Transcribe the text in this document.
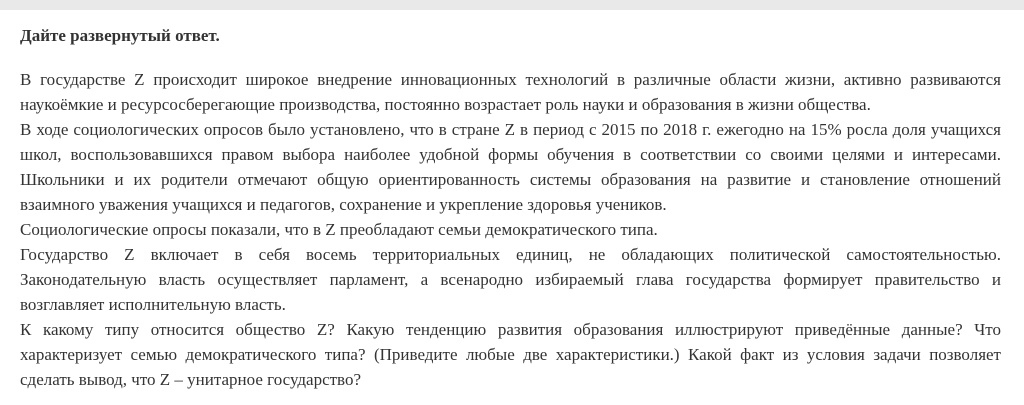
Дайте развернутый ответ.

В государстве Z происходит широкое внедрение инновационных технологий в различные области жизни, активно развиваются наукоёмкие и ресурсосберегающие производства, постоянно возрастает роль науки и образования в жизни общества.

В ходе социологических опросов было установлено, что в стране Z в период с 2015 по 2018 г. ежегодно на 15% росла доля учащихся школ, воспользовавшихся правом выбора наиболее удобной формы обучения в соответствии со своими целями и интересами. Школьники и их родители отмечают общую ориентированность системы образования на развитие и становление отношений взаимного уважения учащихся и педагогов, сохранение и укрепление здоровья учеников.

Социологические опросы показали, что в Z преобладают семьи демократического типа.

Государство Z включает в себя восемь территориальных единиц, не обладающих политической самостоятельностью. Законодательную власть осуществляет парламент, а всенародно избираемый глава государства формирует правительство и возглавляет исполнительную власть.

К какому типу относится общество Z? Какую тенденцию развития образования иллюстрируют приведённые данные? Что характеризует семью демократического типа? (Приведите любые две характеристики.) Какой факт из условия задачи позволяет сделать вывод, что Z – унитарное государство?
